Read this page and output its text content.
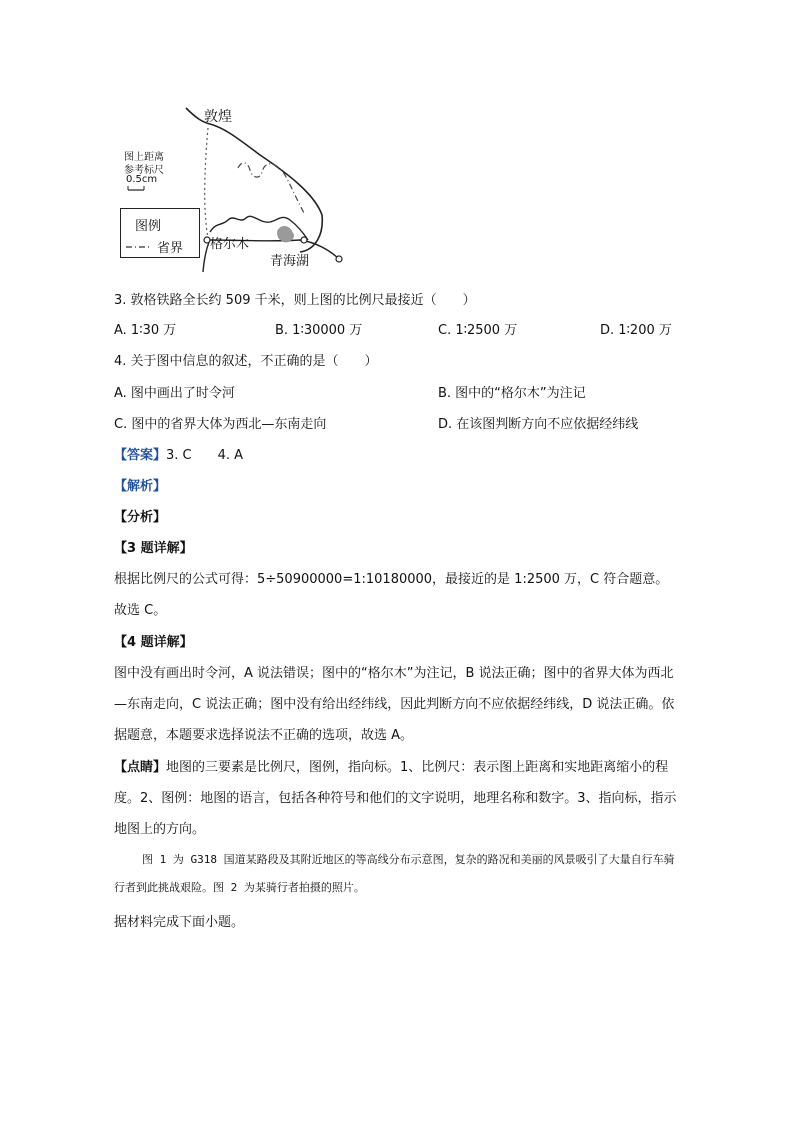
敦煌
图上距离
参考标尺
0.5cm
格尔木
青海湖
图例
省界
3. 敦格铁路全长约 509 千米，则上图的比例尺最接近（　　）
A. 1∶30 万	B. 1∶30000 万	C. 1∶2500 万	D. 1∶200 万
4. 关于图中信息的叙述，不正确的是（　　）
A. 图中画出了时令河	B. 图中的“格尔木”为注记
C. 图中的省界大体为西北—东南走向	D. 在该图判断方向不应依据经纬线
【答案】3. C　　4. A
【解析】
【分析】
【3 题详解】
根据比例尺的公式可得：5÷50900000=1:10180000，最接近的是 1:2500 万，C 符合题意。故选 C。
【4 题详解】
图中没有画出时令河，A 说法错误；图中的“格尔木”为注记，B 说法正确；图中的省界大体为西北—东南走向，C 说法正确；图中没有给出经纬线，因此判断方向不应依据经纬线，D 说法正确。依据题意，本题要求选择说法不正确的选项，故选 A。
【点睛】地图的三要素是比例尺，图例，指向标。1、比例尺：表示图上距离和实地距离缩小的程度。2、图例：地图的语言，包括各种符号和他们的文字说明，地理名称和数字。3、指向标，指示地图上的方向。
图 1 为 G318 国道某路段及其附近地区的等高线分布示意图，复杂的路况和美丽的风景吸引了大量自行车骑行者到此挑战艰险。图 2 为某骑行者拍摄的照片。
据材料完成下面小题。
